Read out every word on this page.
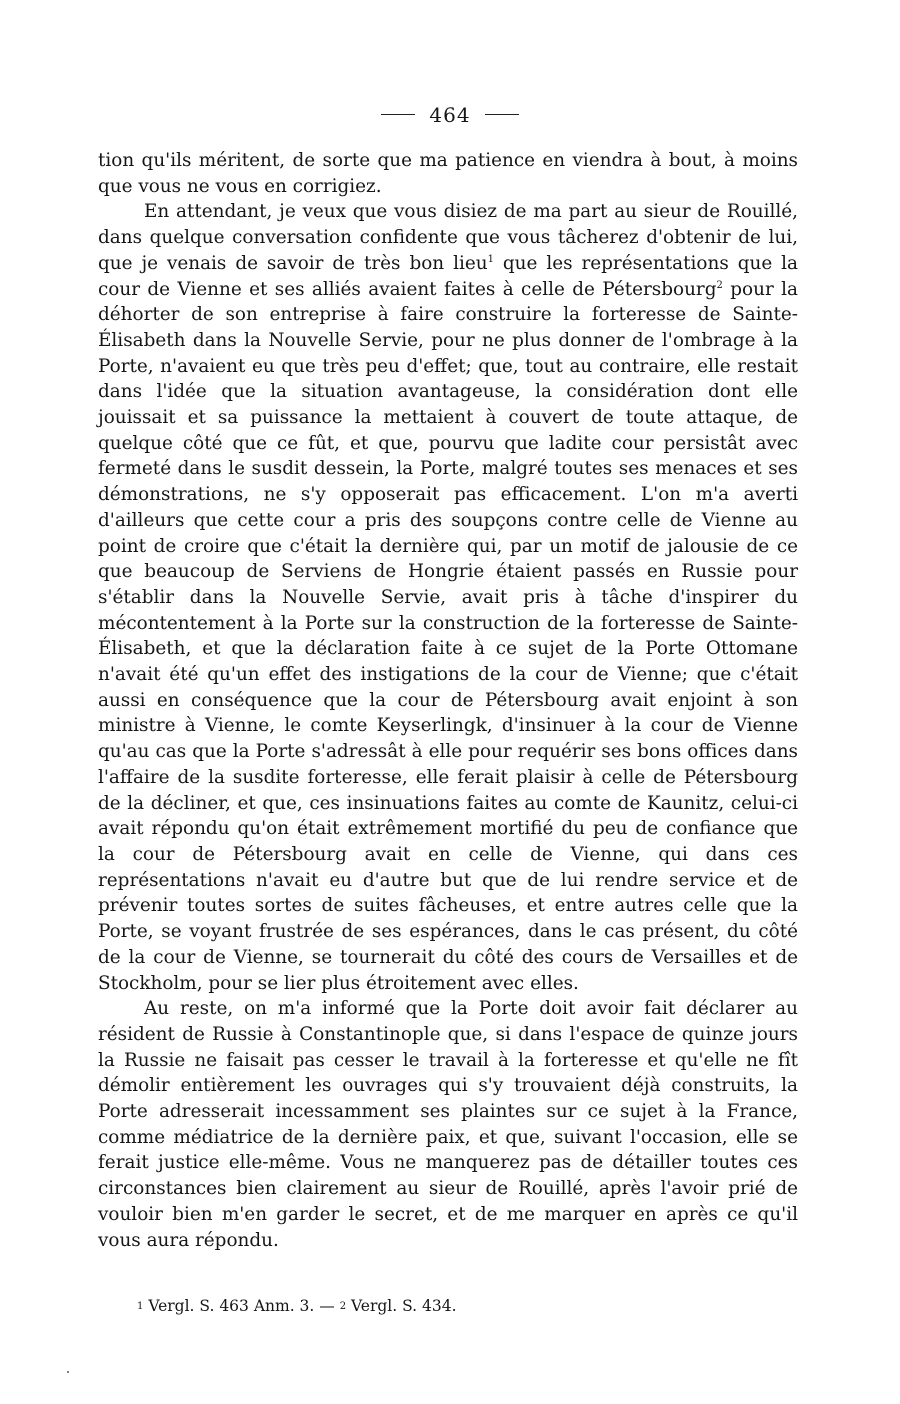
464

tion qu'ils méritent, de sorte que ma patience en viendra à bout, à moins que vous ne vous en corrigiez.

En attendant, je veux que vous disiez de ma part au sieur de Rouillé, dans quelque conversation confidente que vous tâcherez d'obtenir de lui, que je venais de savoir de très bon lieu$^1$ que les représentations que la cour de Vienne et ses alliés avaient faites à celle de Pétersbourg$^2$ pour la déhorter de son entreprise à faire construire la forteresse de Sainte-Élisabeth dans la Nouvelle Servie, pour ne plus donner de l'ombrage à la Porte, n'avaient eu que très peu d'effet; que, tout au contraire, elle restait dans l'idée que la situation avantageuse, la considération dont elle jouissait et sa puissance la mettaient à couvert de toute attaque, de quelque côté que ce fût, et que, pourvu que ladite cour persistât avec fermeté dans le susdit dessein, la Porte, malgré toutes ses menaces et ses démonstrations, ne s'y opposerait pas efficacement. L'on m'a averti d'ailleurs que cette cour a pris des soupçons contre celle de Vienne au point de croire que c'était la dernière qui, par un motif de jalousie de ce que beaucoup de Serviens de Hongrie étaient passés en Russie pour s'établir dans la Nouvelle Servie, avait pris à tâche d'inspirer du mécontentement à la Porte sur la construction de la forteresse de Sainte-Élisabeth, et que la déclaration faite à ce sujet de la Porte Ottomane n'avait été qu'un effet des instigations de la cour de Vienne; que c'était aussi en conséquence que la cour de Pétersbourg avait enjoint à son ministre à Vienne, le comte Keyserlingk, d'insinuer à la cour de Vienne qu'au cas que la Porte s'adressât à elle pour requérir ses bons offices dans l'affaire de la susdite forteresse, elle ferait plaisir à celle de Pétersbourg de la décliner, et que, ces insinuations faites au comte de Kaunitz, celui-ci avait répondu qu'on était extrêmement mortifié du peu de confiance que la cour de Pétersbourg avait en celle de Vienne, qui dans ces représentations n'avait eu d'autre but que de lui rendre service et de prévenir toutes sortes de suites fâcheuses, et entre autres celle que la Porte, se voyant frustrée de ses espérances, dans le cas présent, du côté de la cour de Vienne, se tournerait du côté des cours de Versailles et de Stockholm, pour se lier plus étroitement avec elles.

Au reste, on m'a informé que la Porte doit avoir fait déclarer au résident de Russie à Constantinople que, si dans l'espace de quinze jours la Russie ne faisait pas cesser le travail à la forteresse et qu'elle ne fît démolir entièrement les ouvrages qui s'y trouvaient déjà construits, la Porte adresserait incessamment ses plaintes sur ce sujet à la France, comme médiatrice de la dernière paix, et que, suivant l'occasion, elle se ferait justice elle-même. Vous ne manquerez pas de détailler toutes ces circonstances bien clairement au sieur de Rouillé, après l'avoir prié de vouloir bien m'en garder le secret, et de me marquer en après ce qu'il vous aura répondu.

1 Vergl. S. 463 Anm. 3. — 2 Vergl. S. 434.
